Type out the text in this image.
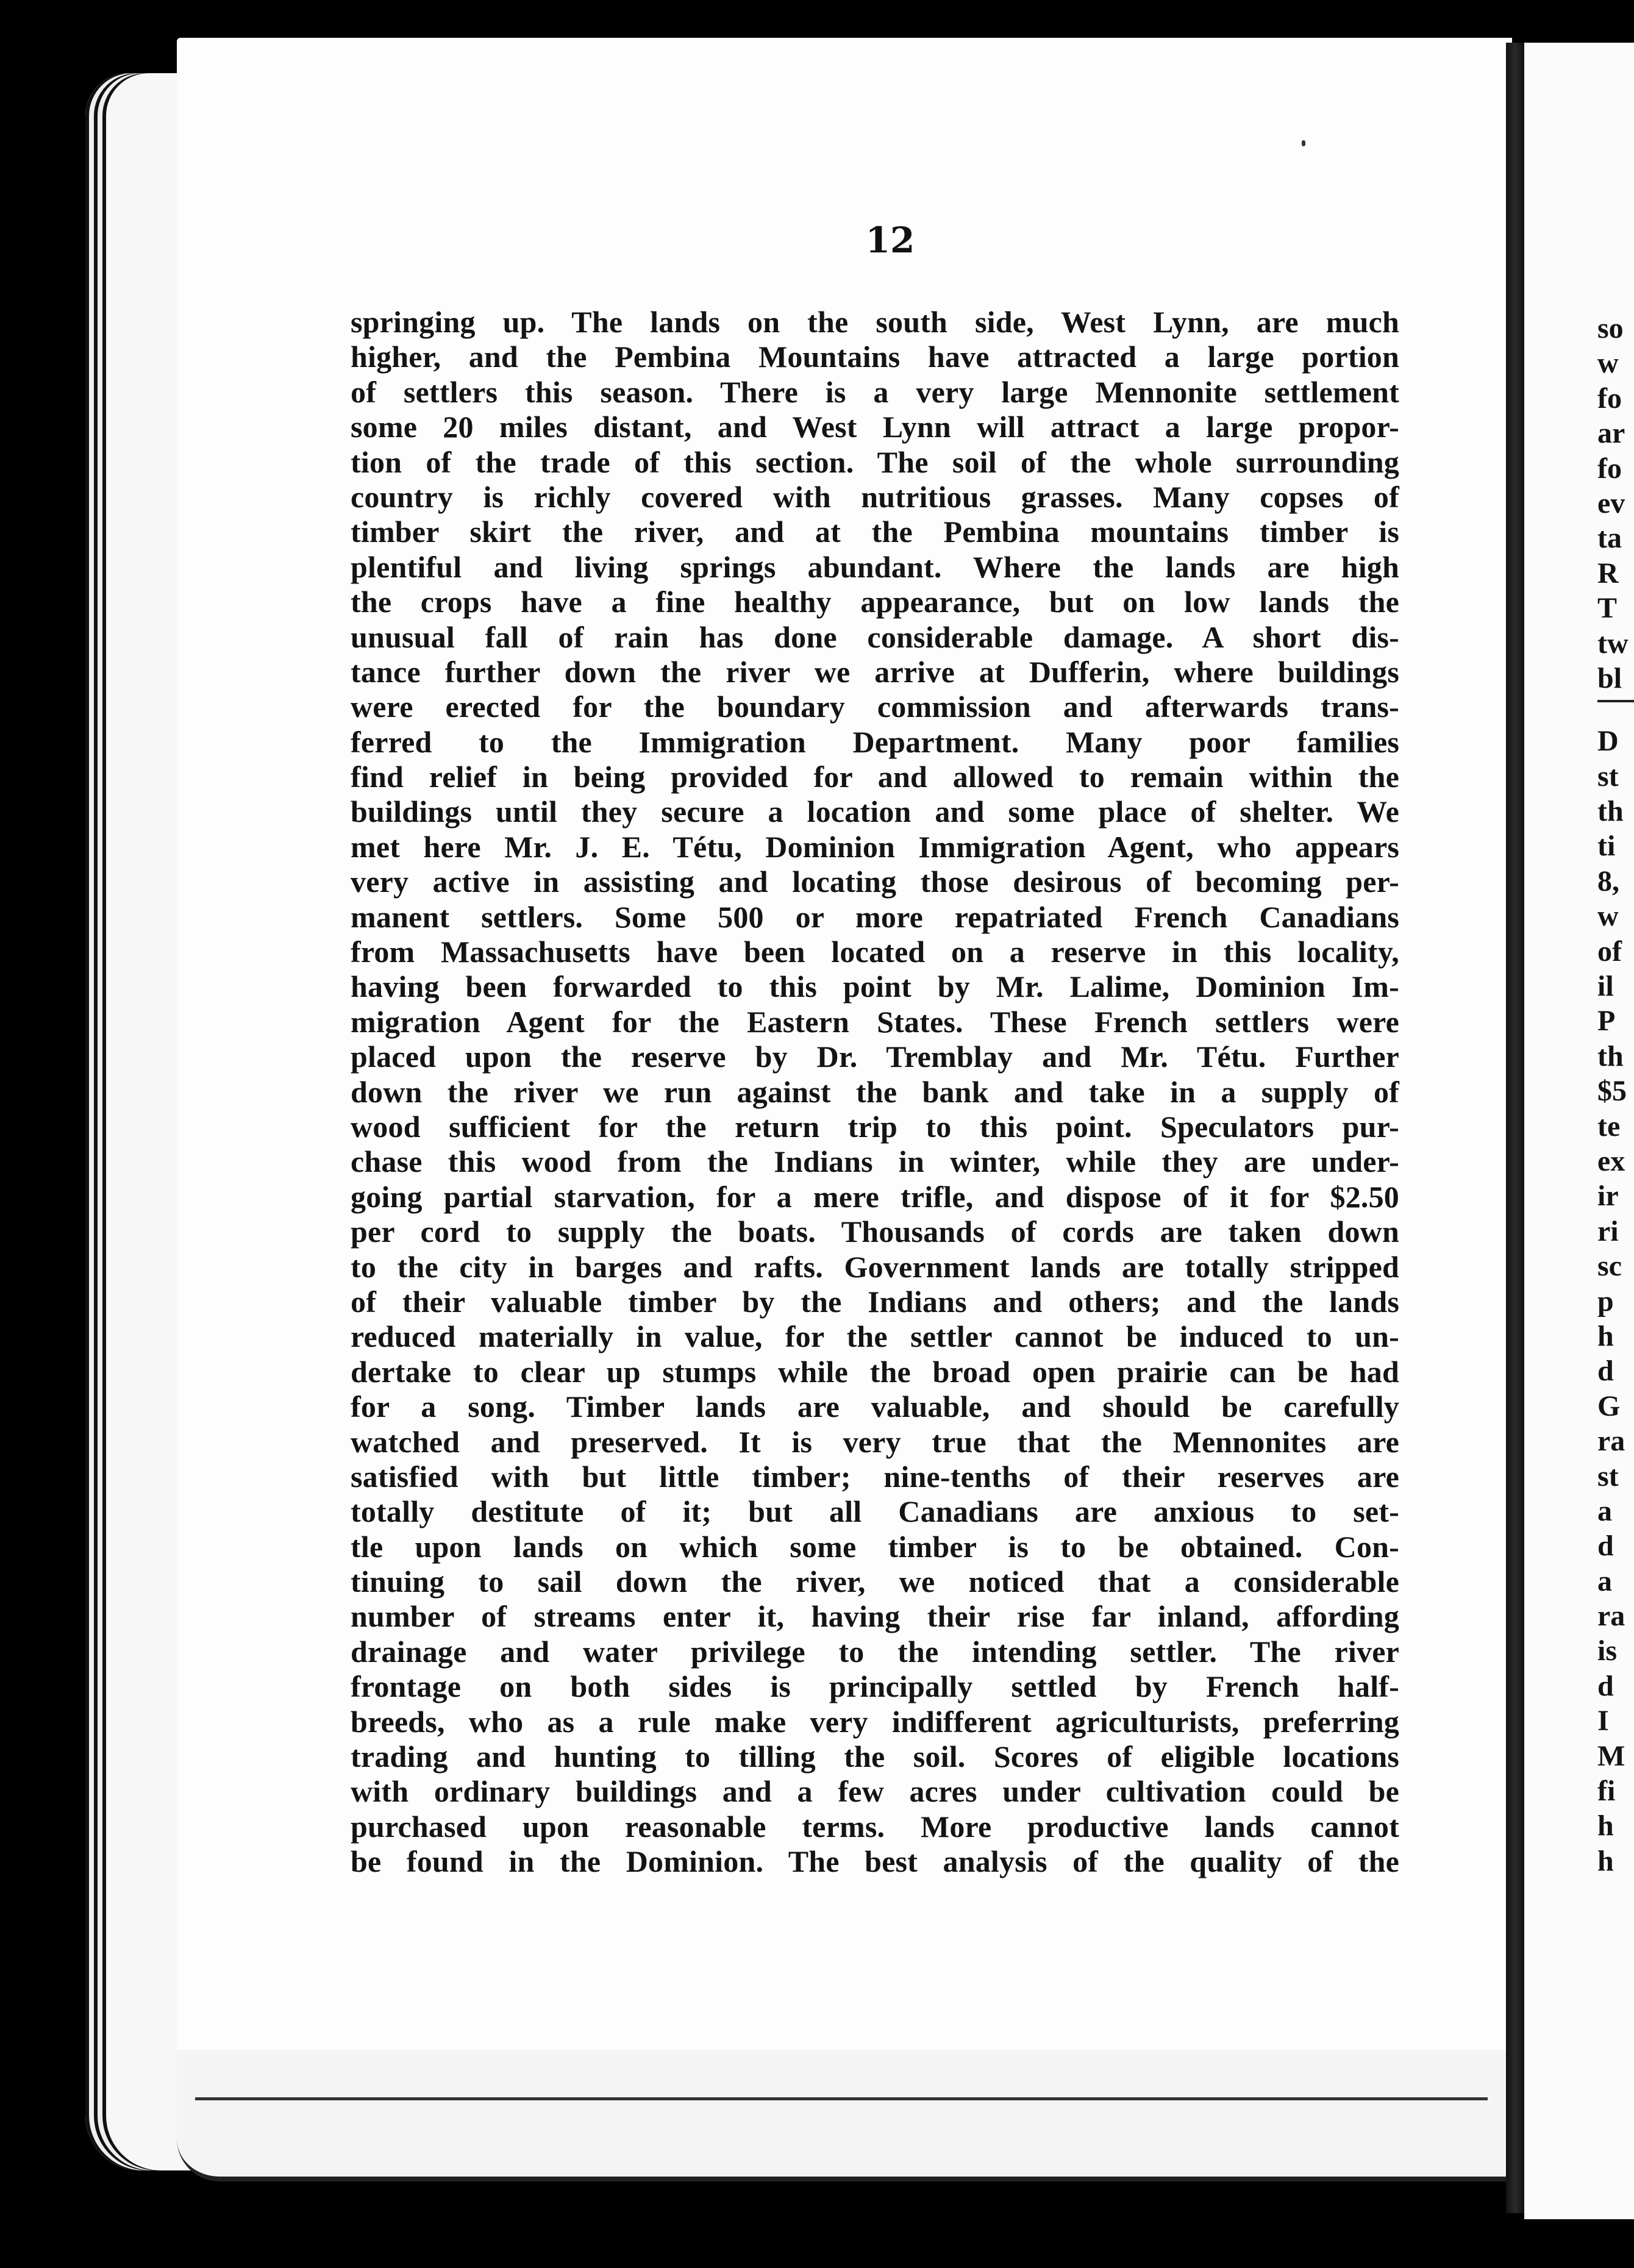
12
springing up. The lands on the south side, West Lynn, are much
higher, and the Pembina Mountains have attracted a large portion
of settlers this season. There is a very large Mennonite settlement
some 20 miles distant, and West Lynn will attract a large propor-
tion of the trade of this section. The soil of the whole surrounding
country is richly covered with nutritious grasses. Many copses of
timber skirt the river, and at the Pembina mountains timber is
plentiful and living springs abundant. Where the lands are high
the crops have a fine healthy appearance, but on low lands the
unusual fall of rain has done considerable damage. A short dis-
tance further down the river we arrive at Dufferin, where buildings
were erected for the boundary commission and afterwards trans-
ferred to the Immigration Department. Many poor families
find relief in being provided for and allowed to remain within the
buildings until they secure a location and some place of shelter. We
met here Mr. J. E. Tétu, Dominion Immigration Agent, who appears
very active in assisting and locating those desirous of becoming per-
manent settlers. Some 500 or more repatriated French Canadians
from Massachusetts have been located on a reserve in this locality,
having been forwarded to this point by Mr. Lalime, Dominion Im-
migration Agent for the Eastern States. These French settlers were
placed upon the reserve by Dr. Tremblay and Mr. Tétu. Further
down the river we run against the bank and take in a supply of
wood sufficient for the return trip to this point. Speculators pur-
chase this wood from the Indians in winter, while they are under-
going partial starvation, for a mere trifle, and dispose of it for $2.50
per cord to supply the boats. Thousands of cords are taken down
to the city in barges and rafts. Government lands are totally stripped
of their valuable timber by the Indians and others; and the lands
reduced materially in value, for the settler cannot be induced to un-
dertake to clear up stumps while the broad open prairie can be had
for a song. Timber lands are valuable, and should be carefully
watched and preserved. It is very true that the Mennonites are
satisfied with but little timber; nine-tenths of their reserves are
totally destitute of it; but all Canadians are anxious to set-
tle upon lands on which some timber is to be obtained. Con-
tinuing to sail down the river, we noticed that a considerable
number of streams enter it, having their rise far inland, affording
drainage and water privilege to the intending settler. The river
frontage on both sides is principally settled by French half-
breeds, who as a rule make very indifferent agriculturists, preferring
trading and hunting to tilling the soil. Scores of eligible locations
with ordinary buildings and a few acres under cultivation could be
purchased upon reasonable terms. More productive lands cannot
be found in the Dominion. The best analysis of the quality of the
so
w
fo
ar
fo
ev
ta
R
T
tw
bl
D
st
th
ti
8,
w
of
il
P
th
$5
te
ex
ir
ri
sc
p
h
d
G
ra
st
a
d
a
ra
is
d
I
M
fi
h
h
